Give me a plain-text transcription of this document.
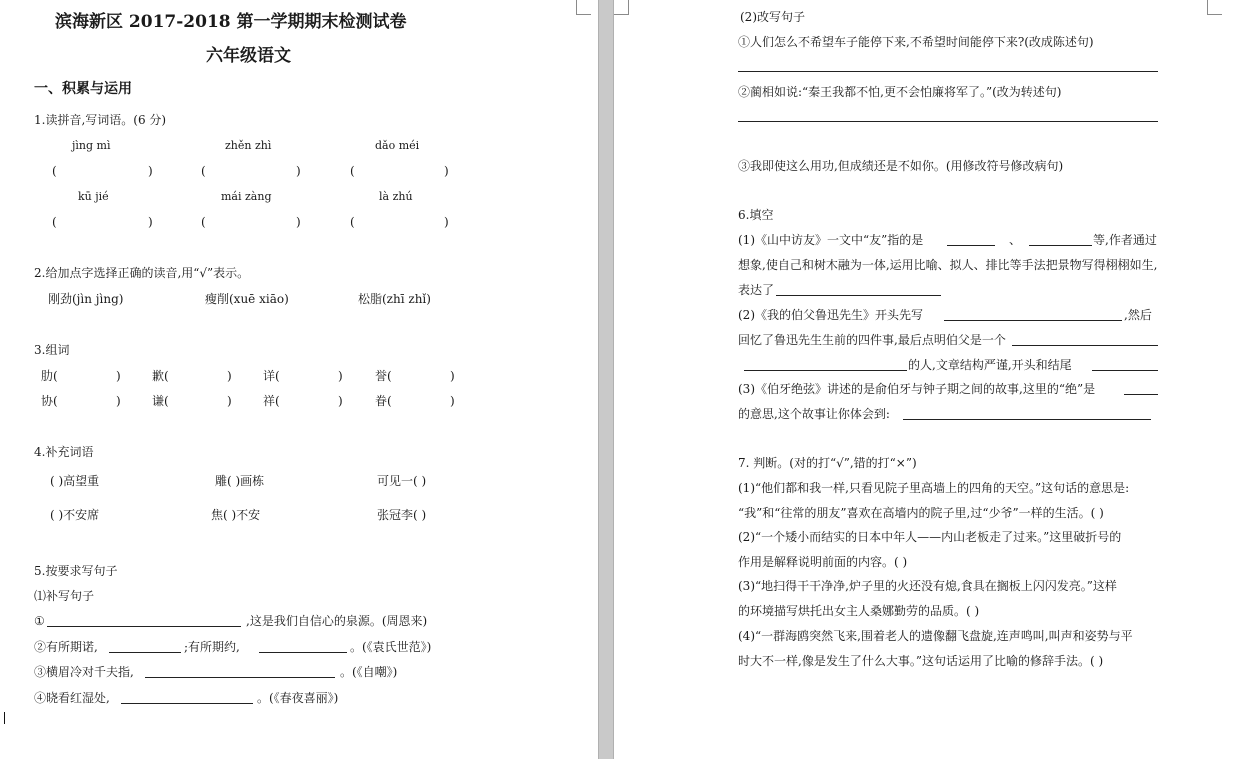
滨海新区 2017-2018 第一学期期末检测试卷
六年级语文
一、积累与运用
1.读拼音,写词语。(6 分)
jìng mì	zhěn zhì	dǎo méi
(	)	(	)	(	)
kū jié	mái zàng	là zhú
(	)	(	)	(	)
2.给加点字选择正确的读音,用“√”表示。
刚劲(jìn jìng)	瘦削(xuē xiāo)	松脂(zhī zhǐ)
3.组词
肋(	)	歉(	)	详(	)	誉(	)
协(	)	谦(	)	祥(	)	眷(	)
4.补充词语
( )高望重	雕( )画栋	可见一( )
( )不安席	焦( )不安	张冠李( )
5.按要求写句子
⑴补写句子
①	,这是我们自信心的泉源。(周恩来)
②有所期诺,	;有所期约,	。(《袁氏世范》)
③横眉冷对千夫指,	。(《自嘲》)
④晓看红湿处,	。(《春夜喜丽》)
(2)改写句子
①人们怎么不希望车子能停下来,不希望时间能停下来?(改成陈述句)
②蔺相如说:“秦王我都不怕,更不会怕廉将军了。”(改为转述句)
③我即使这么用功,但成绩还是不如你。(用修改符号修改病句)
6.填空
(1)《山中访友》一文中“友”指的是	、	等,作者通过
想象,使自己和树木融为一体,运用比喻、拟人、排比等手法把景物写得栩栩如生,
表达了
(2)《我的伯父鲁迅先生》开头先写	,然后
回忆了鲁迅先生生前的四件事,最后点明伯父是一个
的人,文章结构严谨,开头和结尾
(3)《伯牙绝弦》讲述的是俞伯牙与钟子期之间的故事,这里的“绝”是
的意思,这个故事让你体会到:
7. 判断。(对的打“√”,错的打“×”)
(1)“他们都和我一样,只看见院子里高墙上的四角的天空。”这句话的意思是:
“我”和“往常的朋友”喜欢在高墙内的院子里,过“少爷”一样的生活。( )
(2)“一个矮小而结实的日本中年人——内山老板走了过来。”这里破折号的
作用是解释说明前面的内容。( )
(3)“地扫得干干净净,炉子里的火还没有熄,食具在搁板上闪闪发亮。”这样
的环境描写烘托出女主人桑娜勤劳的品质。( )
(4)“一群海鸥突然飞来,围着老人的遗像翻飞盘旋,连声鸣叫,叫声和姿势与平
时大不一样,像是发生了什么大事。”这句话运用了比喻的修辞手法。( )
